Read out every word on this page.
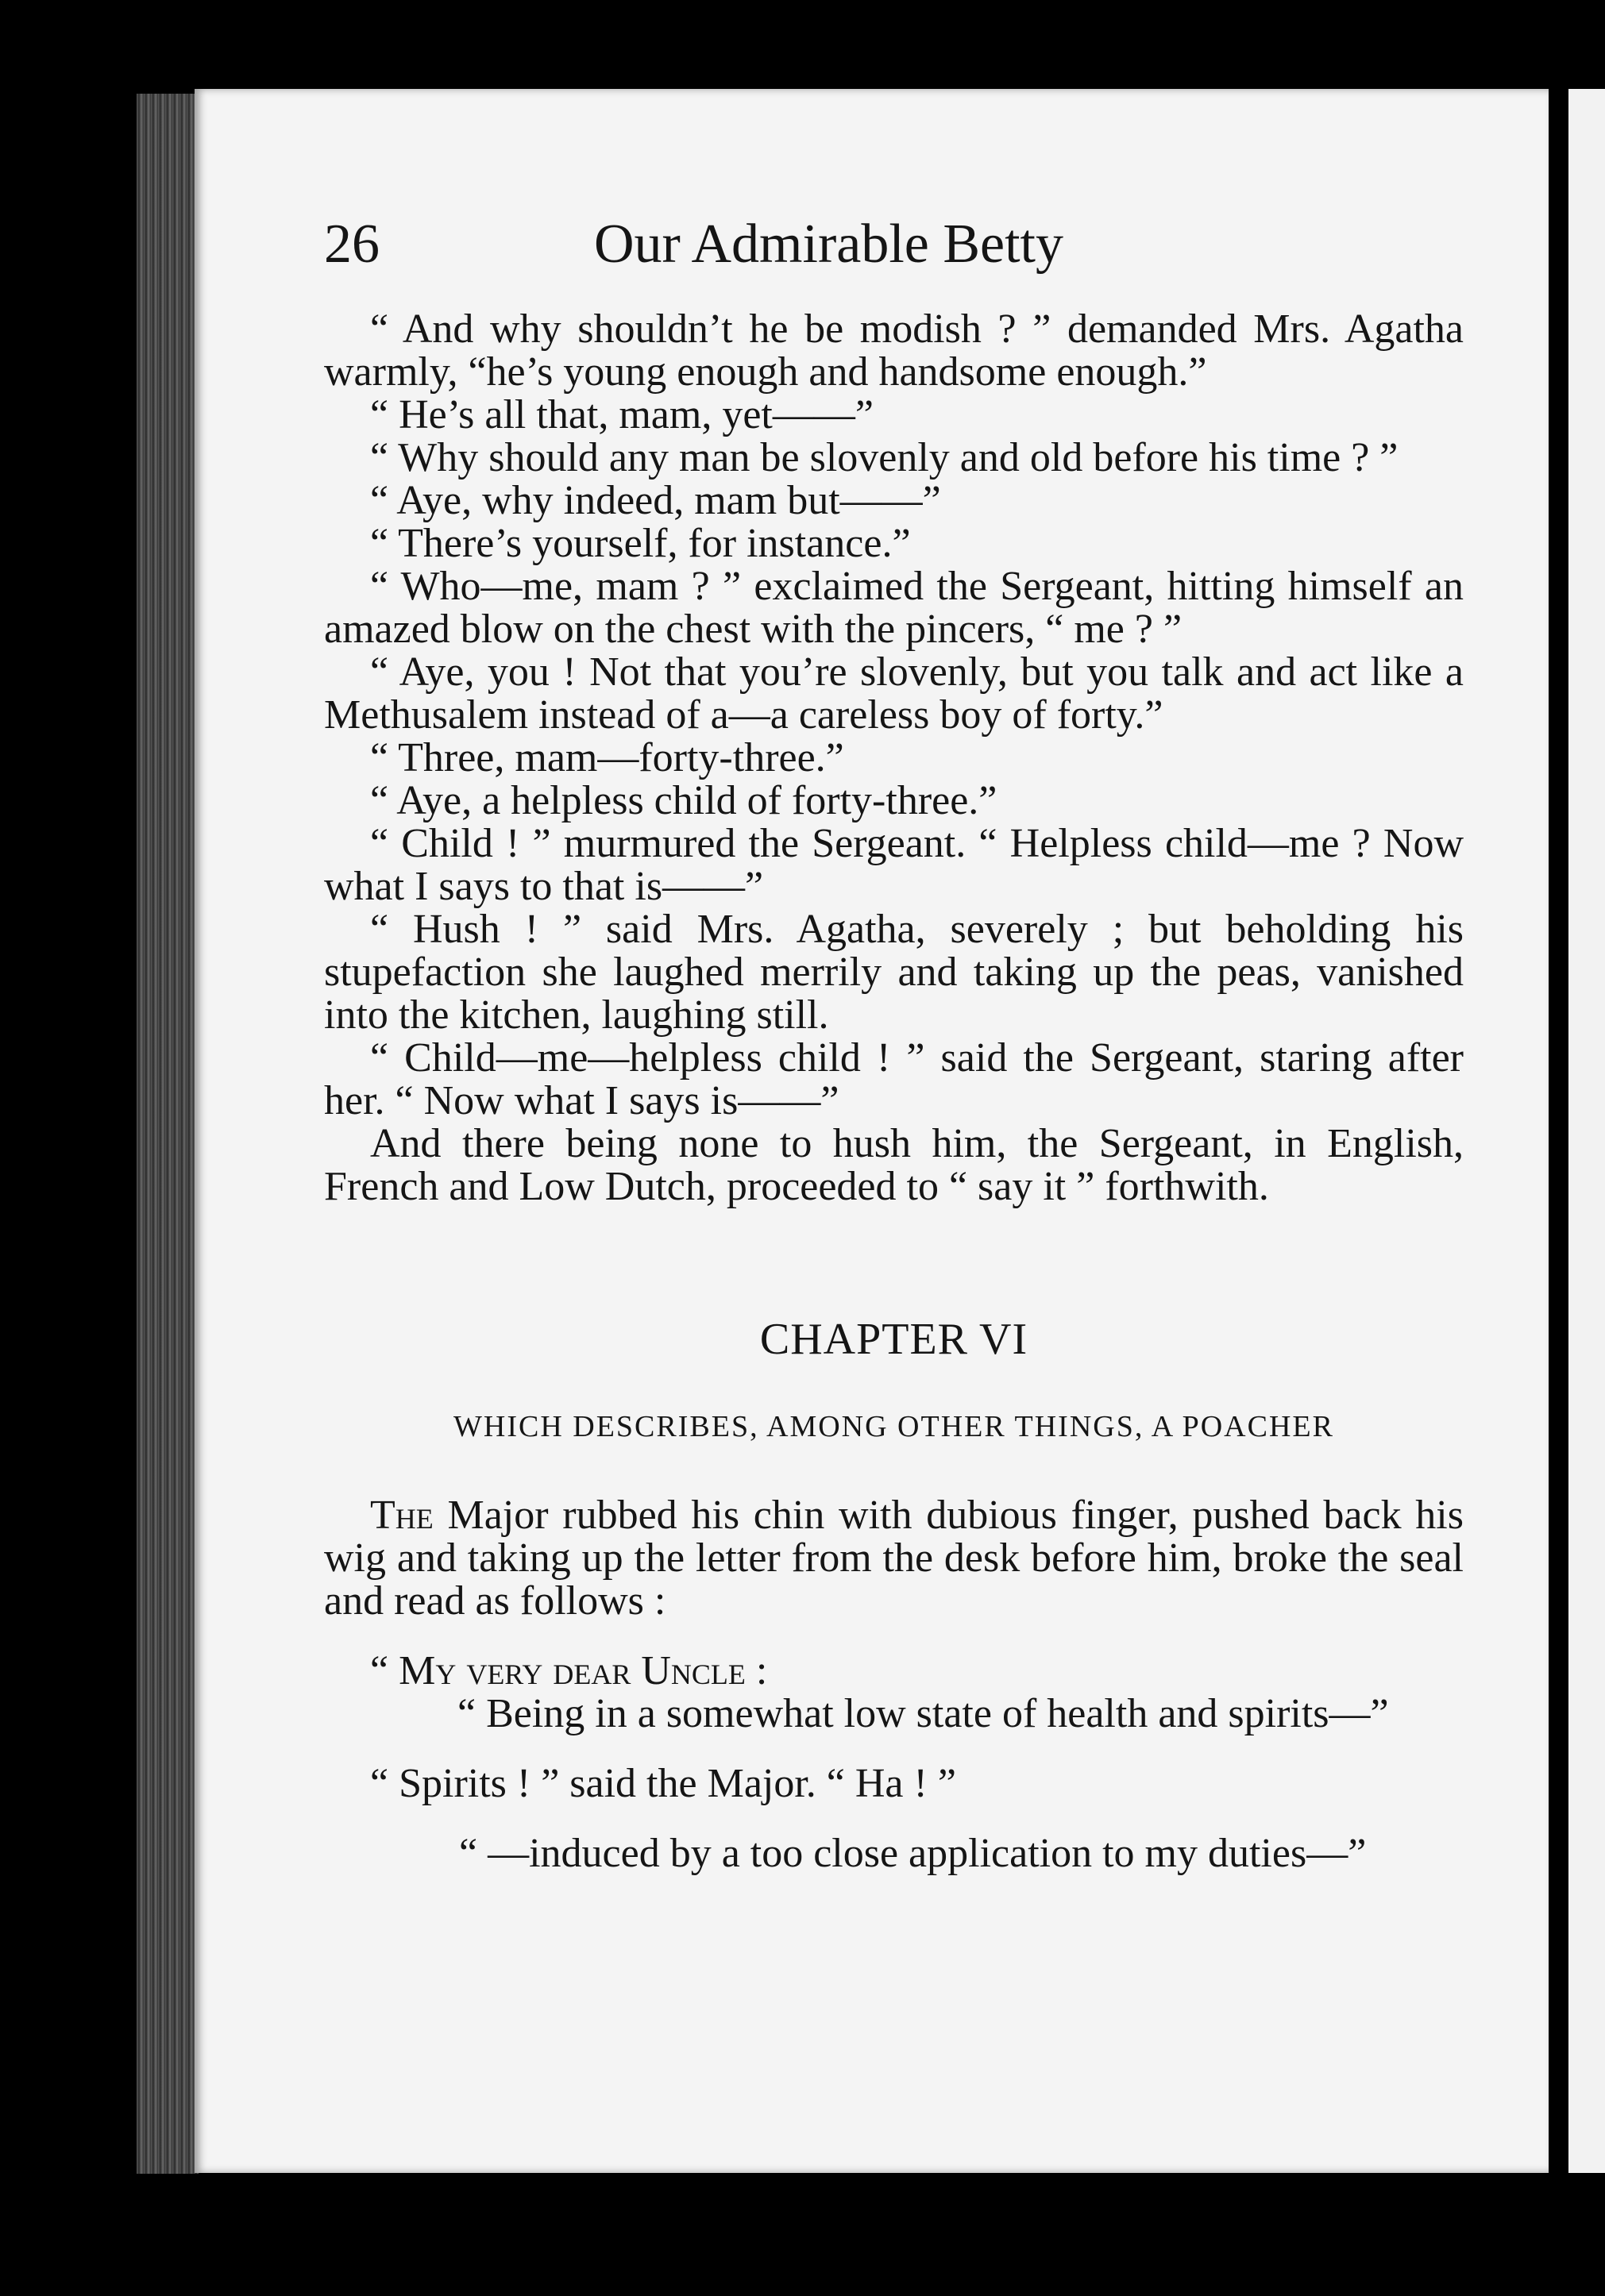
26	Our Admirable Betty

“ And why shouldn’t he be modish ? ” demanded Mrs. Agatha warmly, “he’s young enough and handsome enough.”

“ He’s all that, mam, yet——”

“ Why should any man be slovenly and old before his time ? ”

“ Aye, why indeed, mam but——”

“ There’s yourself, for instance.”

“ Who—me, mam ? ” exclaimed the Sergeant, hitting himself an amazed blow on the chest with the pincers, “ me ? ”

“ Aye, you ! Not that you’re slovenly, but you talk and act like a Methusalem instead of a—a careless boy of forty.”

“ Three, mam—forty-three.”

“ Aye, a helpless child of forty-three.”

“ Child ! ” murmured the Sergeant. “ Helpless child—me ? Now what I says to that is——”

“ Hush ! ” said Mrs. Agatha, severely ; but beholding his stupefaction she laughed merrily and taking up the peas, vanished into the kitchen, laughing still.

“ Child—me—helpless child ! ” said the Sergeant, staring after her. “ Now what I says is——”

And there being none to hush him, the Sergeant, in English, French and Low Dutch, proceeded to “ say it ” forthwith.

CHAPTER VI
WHICH DESCRIBES, AMONG OTHER THINGS, A POACHER

The Major rubbed his chin with dubious finger, pushed back his wig and taking up the letter from the desk before him, broke the seal and read as follows :

“ My very dear Uncle :

“ Being in a somewhat low state of health and spirits—”

“ Spirits ! ” said the Major. “ Ha ! ”

“ —induced by a too close application to my duties—”
